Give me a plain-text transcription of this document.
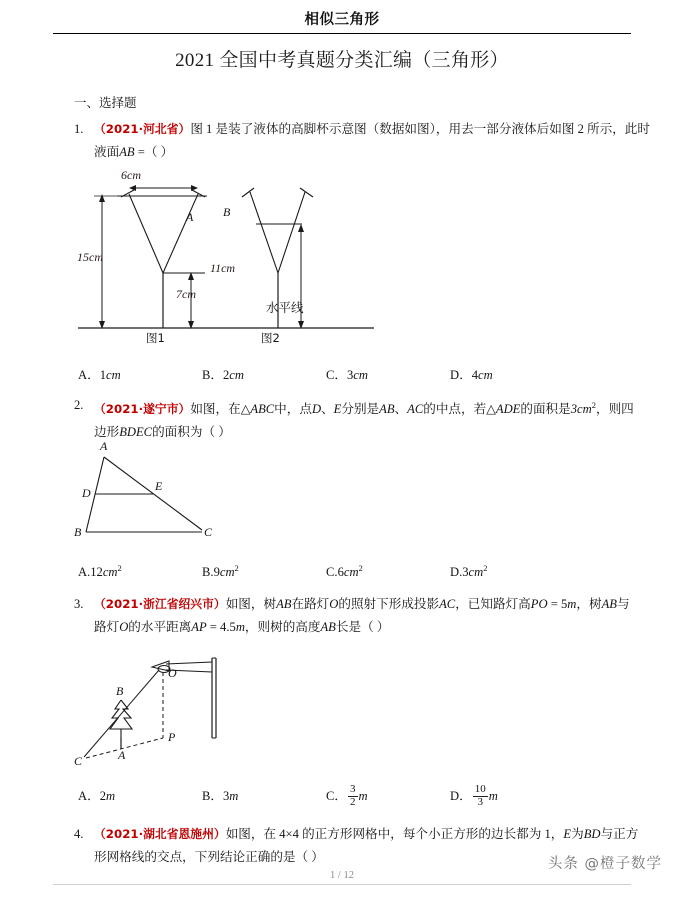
相似三角形
2021 全国中考真题分类汇编（三角形）
一、选择题
1. （2021·河北省）图 1 是装了液体的高脚杯示意图（数据如图），用去一部分液体后如图 2 所示，此时
液面AB =（ ）
6cm
15cm
7cm
11cm
A B
水平线
图1	图2
A．1cm	B．2cm	C．3cm	D．4cm
2. （2021·遂宁市）如图，在△ABC中，点D、E分别是AB、AC的中点，若△ADE的面积是$3cm^2$，则四
边形BDEC的面积为（ ）
A
D	E
B	C
$A.12cm^2$	$B.9cm^2$	$C.6cm^2$	$D.3cm^2$
3. （2021·浙江省绍兴市）如图，树AB在路灯O的照射下形成投影AC，已知路灯高PO = 5m，树AB与
路灯O的水平距离AP = 4.5m，则树的高度AB长是（ ）
O
P
B
A
C
A．2m	B．3m	C． $\frac{3}{2}$ m	D． $\frac{10}{3}$ m
4. （2021·湖北省恩施州）如图，在 4×4 的正方形网格中，每个小正方形的边长都为 1，E为BD与正方
形网格线的交点，下列结论正确的是（ ）	头条 @橙子数学
1 / 12
